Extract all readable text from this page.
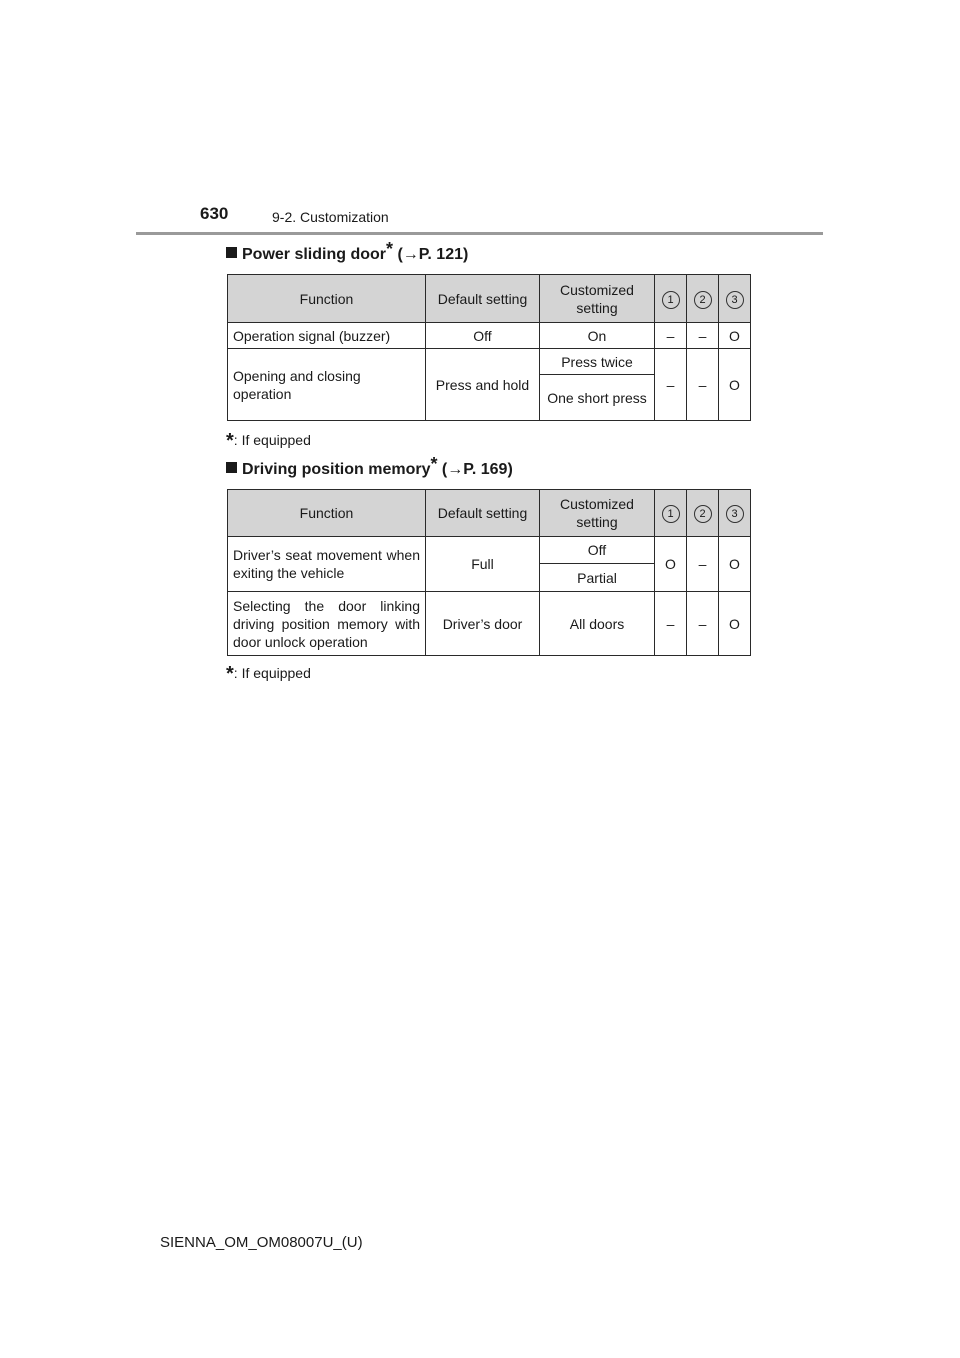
630	9-2. Customization
Power sliding door* (→P. 121)
Function	Default setting	Customized setting	1	2	3
Operation signal (buzzer)	Off	On	–	–	O
Opening and closing operation	Press and hold	Press twice	–	–	O
		One short press			
*: If equipped
Driving position memory* (→P. 169)
Function	Default setting	Customized setting	1	2	3
Driver’s seat movement when exiting the vehicle	Full	Off	O	–	O
		Partial			
Selecting the door linking driving position memory with door unlock operation	Driver’s door	All doors	–	–	O
*: If equipped
SIENNA_OM_OM08007U_(U)
